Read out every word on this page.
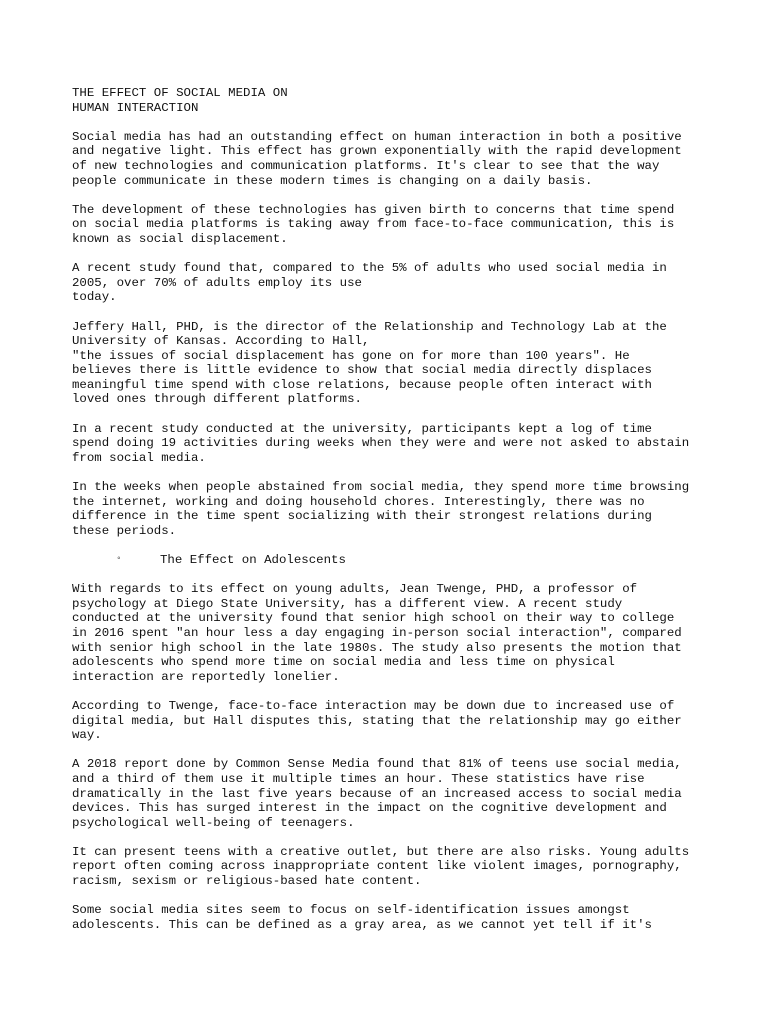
THE EFFECT OF SOCIAL MEDIA ON
HUMAN INTERACTION
Social media has had an outstanding effect on human interaction in both a positive
and negative light. This effect has grown exponentially with the rapid development
of new technologies and communication platforms. It's clear to see that the way
people communicate in these modern times is changing on a daily basis.
The development of these technologies has given birth to concerns that time spend
on social media platforms is taking away from face-to-face communication, this is
known as social displacement.
A recent study found that, compared to the 5% of adults who used social media in
2005, over 70% of adults employ its use
today.
Jeffery Hall, PHD, is the director of the Relationship and Technology Lab at the
University of Kansas. According to Hall,
"the issues of social displacement has gone on for more than 100 years". He
believes there is little evidence to show that social media directly displaces
meaningful time spend with close relations, because people often interact with
loved ones through different platforms.
In a recent study conducted at the university, participants kept a log of time
spend doing 19 activities during weeks when they were and were not asked to abstain
from social media.
In the weeks when people abstained from social media, they spend more time browsing
the internet, working and doing household chores. Interestingly, there was no
difference in the time spent socializing with their strongest relations during
these periods.
◦	The Effect on Adolescents
With regards to its effect on young adults, Jean Twenge, PHD, a professor of
psychology at Diego State University, has a different view. A recent study
conducted at the university found that senior high school on their way to college
in 2016 spent "an hour less a day engaging in-person social interaction", compared
with senior high school in the late 1980s. The study also presents the motion that
adolescents who spend more time on social media and less time on physical
interaction are reportedly lonelier.
According to Twenge, face-to-face interaction may be down due to increased use of
digital media, but Hall disputes this, stating that the relationship may go either
way.
A 2018 report done by Common Sense Media found that 81% of teens use social media,
and a third of them use it multiple times an hour. These statistics have rise
dramatically in the last five years because of an increased access to social media
devices. This has surged interest in the impact on the cognitive development and
psychological well-being of teenagers.
It can present teens with a creative outlet, but there are also risks. Young adults
report often coming across inappropriate content like violent images, pornography,
racism, sexism or religious-based hate content.
Some social media sites seem to focus on self-identification issues amongst
adolescents. This can be defined as a gray area, as we cannot yet tell if it's
